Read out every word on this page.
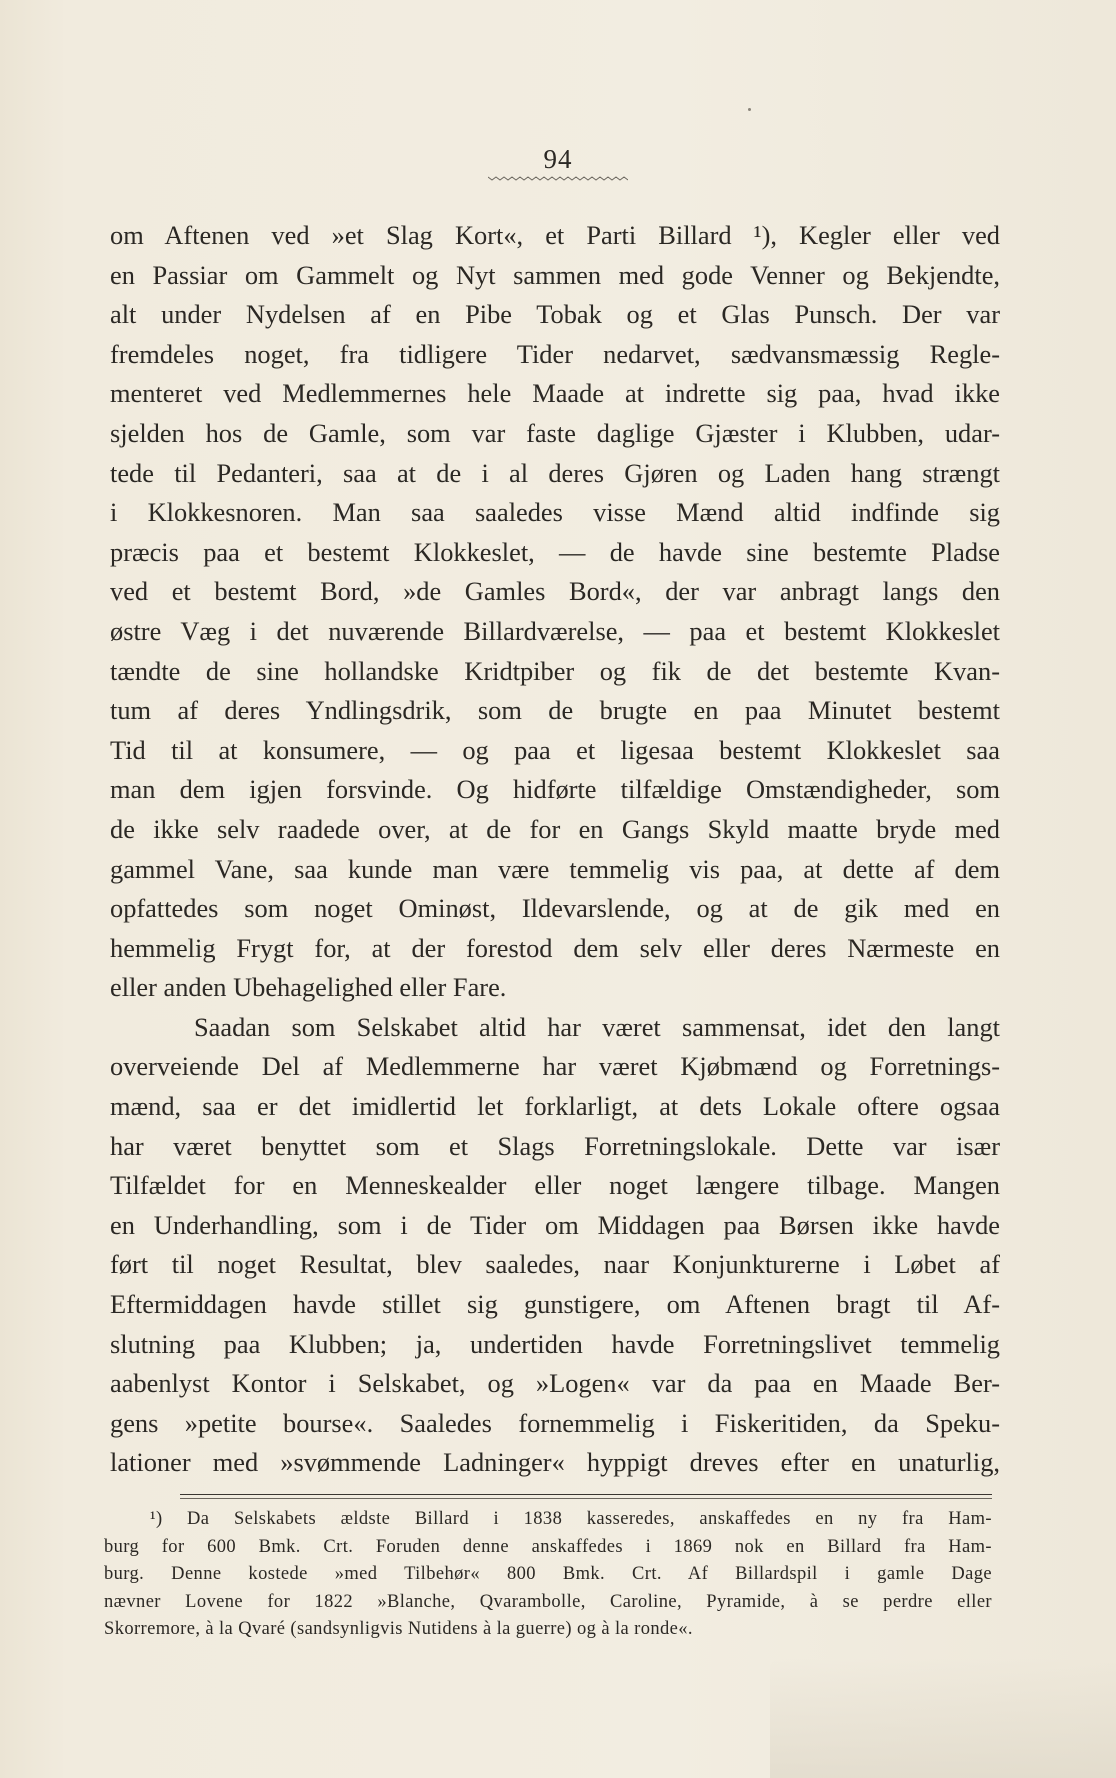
94
om Aftenen ved »et Slag Kort«, et Parti Billard ¹), Kegler eller ved
en Passiar om Gammelt og Nyt sammen med gode Venner og Bekjendte,
alt under Nydelsen af en Pibe Tobak og et Glas Punsch. Der var
fremdeles noget, fra tidligere Tider nedarvet, sædvansmæssig Regle-
menteret ved Medlemmernes hele Maade at indrette sig paa, hvad ikke
sjelden hos de Gamle, som var faste daglige Gjæster i Klubben, udar-
tede til Pedanteri, saa at de i al deres Gjøren og Laden hang strængt
i Klokkesnoren. Man saa saaledes visse Mænd altid indfinde sig
præcis paa et bestemt Klokkeslet, — de havde sine bestemte Pladse
ved et bestemt Bord, »de Gamles Bord«, der var anbragt langs den
østre Væg i det nuværende Billardværelse, — paa et bestemt Klokkeslet
tændte de sine hollandske Kridtpiber og fik de det bestemte Kvan-
tum af deres Yndlingsdrik, som de brugte en paa Minutet bestemt
Tid til at konsumere, — og paa et ligesaa bestemt Klokkeslet saa
man dem igjen forsvinde. Og hidførte tilfældige Omstændigheder, som
de ikke selv raadede over, at de for en Gangs Skyld maatte bryde med
gammel Vane, saa kunde man være temmelig vis paa, at dette af dem
opfattedes som noget Ominøst, Ildevarslende, og at de gik med en
hemmelig Frygt for, at der forestod dem selv eller deres Nærmeste en
eller anden Ubehagelighed eller Fare.
Saadan som Selskabet altid har været sammensat, idet den langt
overveiende Del af Medlemmerne har været Kjøbmænd og Forretnings-
mænd, saa er det imidlertid let forklarligt, at dets Lokale oftere ogsaa
har været benyttet som et Slags Forretningslokale. Dette var især
Tilfældet for en Menneskealder eller noget længere tilbage. Mangen
en Underhandling, som i de Tider om Middagen paa Børsen ikke havde
ført til noget Resultat, blev saaledes, naar Konjunkturerne i Løbet af
Eftermiddagen havde stillet sig gunstigere, om Aftenen bragt til Af-
slutning paa Klubben; ja, undertiden havde Forretningslivet temmelig
aabenlyst Kontor i Selskabet, og »Logen« var da paa en Maade Ber-
gens »petite bourse«. Saaledes fornemmelig i Fiskeritiden, da Speku-
lationer med »svømmende Ladninger« hyppigt dreves efter en unaturlig,
¹) Da Selskabets ældste Billard i 1838 kasseredes, anskaffedes en ny fra Ham-
burg for 600 Bmk. Crt. Foruden denne anskaffedes i 1869 nok en Billard fra Ham-
burg. Denne kostede »med Tilbehør« 800 Bmk. Crt. Af Billardspil i gamle Dage
nævner Lovene for 1822 »Blanche, Qvarambolle, Caroline, Pyramide, à se perdre eller
Skorremore, à la Qvaré (sandsynligvis Nutidens à la guerre) og à la ronde«.
